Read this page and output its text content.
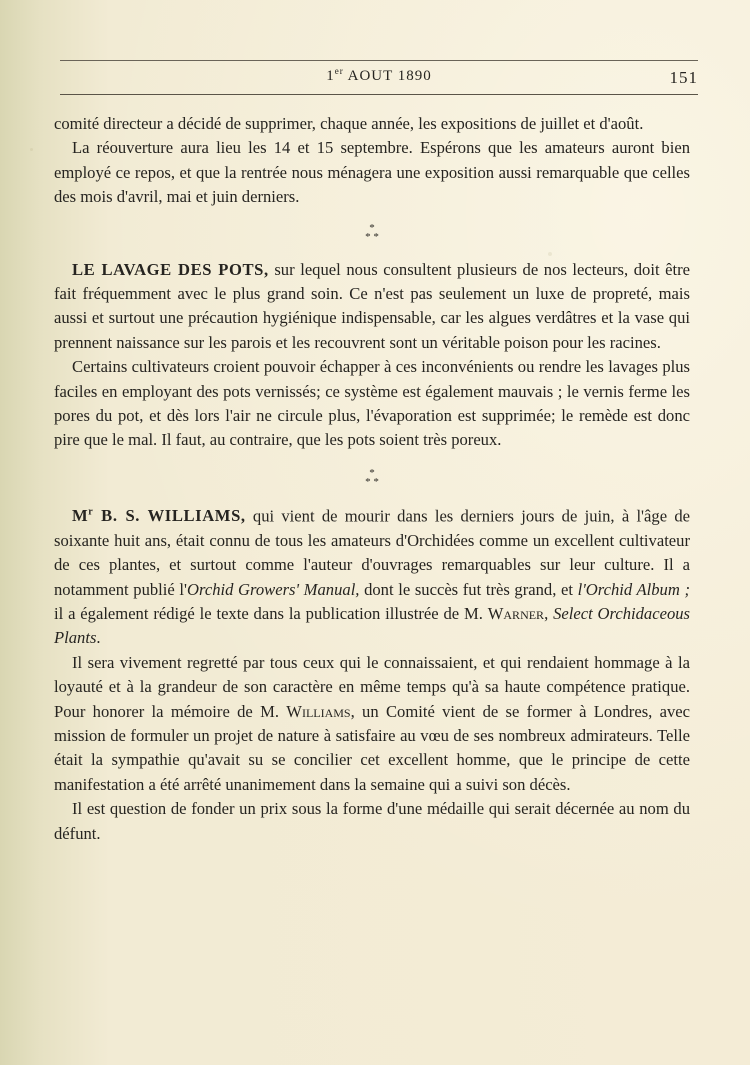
1er AOUT 1890	151

comité directeur a décidé de supprimer, chaque année, les expositions de juillet et d'août.

La réouverture aura lieu les 14 et 15 septembre. Espérons que les amateurs auront bien employé ce repos, et que la rentrée nous ménagera une exposition aussi remarquable que celles des mois d'avril, mai et juin derniers.

*
* *

LE LAVAGE DES POTS, sur lequel nous consultent plusieurs de nos lecteurs, doit être fait fréquemment avec le plus grand soin. Ce n'est pas seulement un luxe de propreté, mais aussi et surtout une précaution hygiénique indispensable, car les algues verdâtres et la vase qui prennent naissance sur les parois et les recouvrent sont un véritable poison pour les racines.

Certains cultivateurs croient pouvoir échapper à ces inconvénients ou rendre les lavages plus faciles en employant des pots vernissés; ce système est également mauvais ; le vernis ferme les pores du pot, et dès lors l'air ne circule plus, l'évaporation est supprimée; le remède est donc pire que le mal. Il faut, au contraire, que les pots soient très poreux.

*
* *

$M^r$ B. S. WILLIAMS, qui vient de mourir dans les derniers jours de juin, à l'âge de soixante huit ans, était connu de tous les amateurs d'Orchidées comme un excellent cultivateur de ces plantes, et surtout comme l'auteur d'ouvrages remarquables sur leur culture. Il a notamment publié l'Orchid Growers' Manual, dont le succès fut très grand, et l'Orchid Album ; il a également rédigé le texte dans la publication illustrée de M. Warner, Select Orchidaceous Plants.

Il sera vivement regretté par tous ceux qui le connaissaient, et qui rendaient hommage à la loyauté et à la grandeur de son caractère en même temps qu'à sa haute compétence pratique. Pour honorer la mémoire de M. Williams, un Comité vient de se former à Londres, avec mission de formuler un projet de nature à satisfaire au vœu de ses nombreux admirateurs. Telle était la sympathie qu'avait su se concilier cet excellent homme, que le principe de cette manifestation a été arrêté unanimement dans la semaine qui a suivi son décès.

Il est question de fonder un prix sous la forme d'une médaille qui serait décernée au nom du défunt.
